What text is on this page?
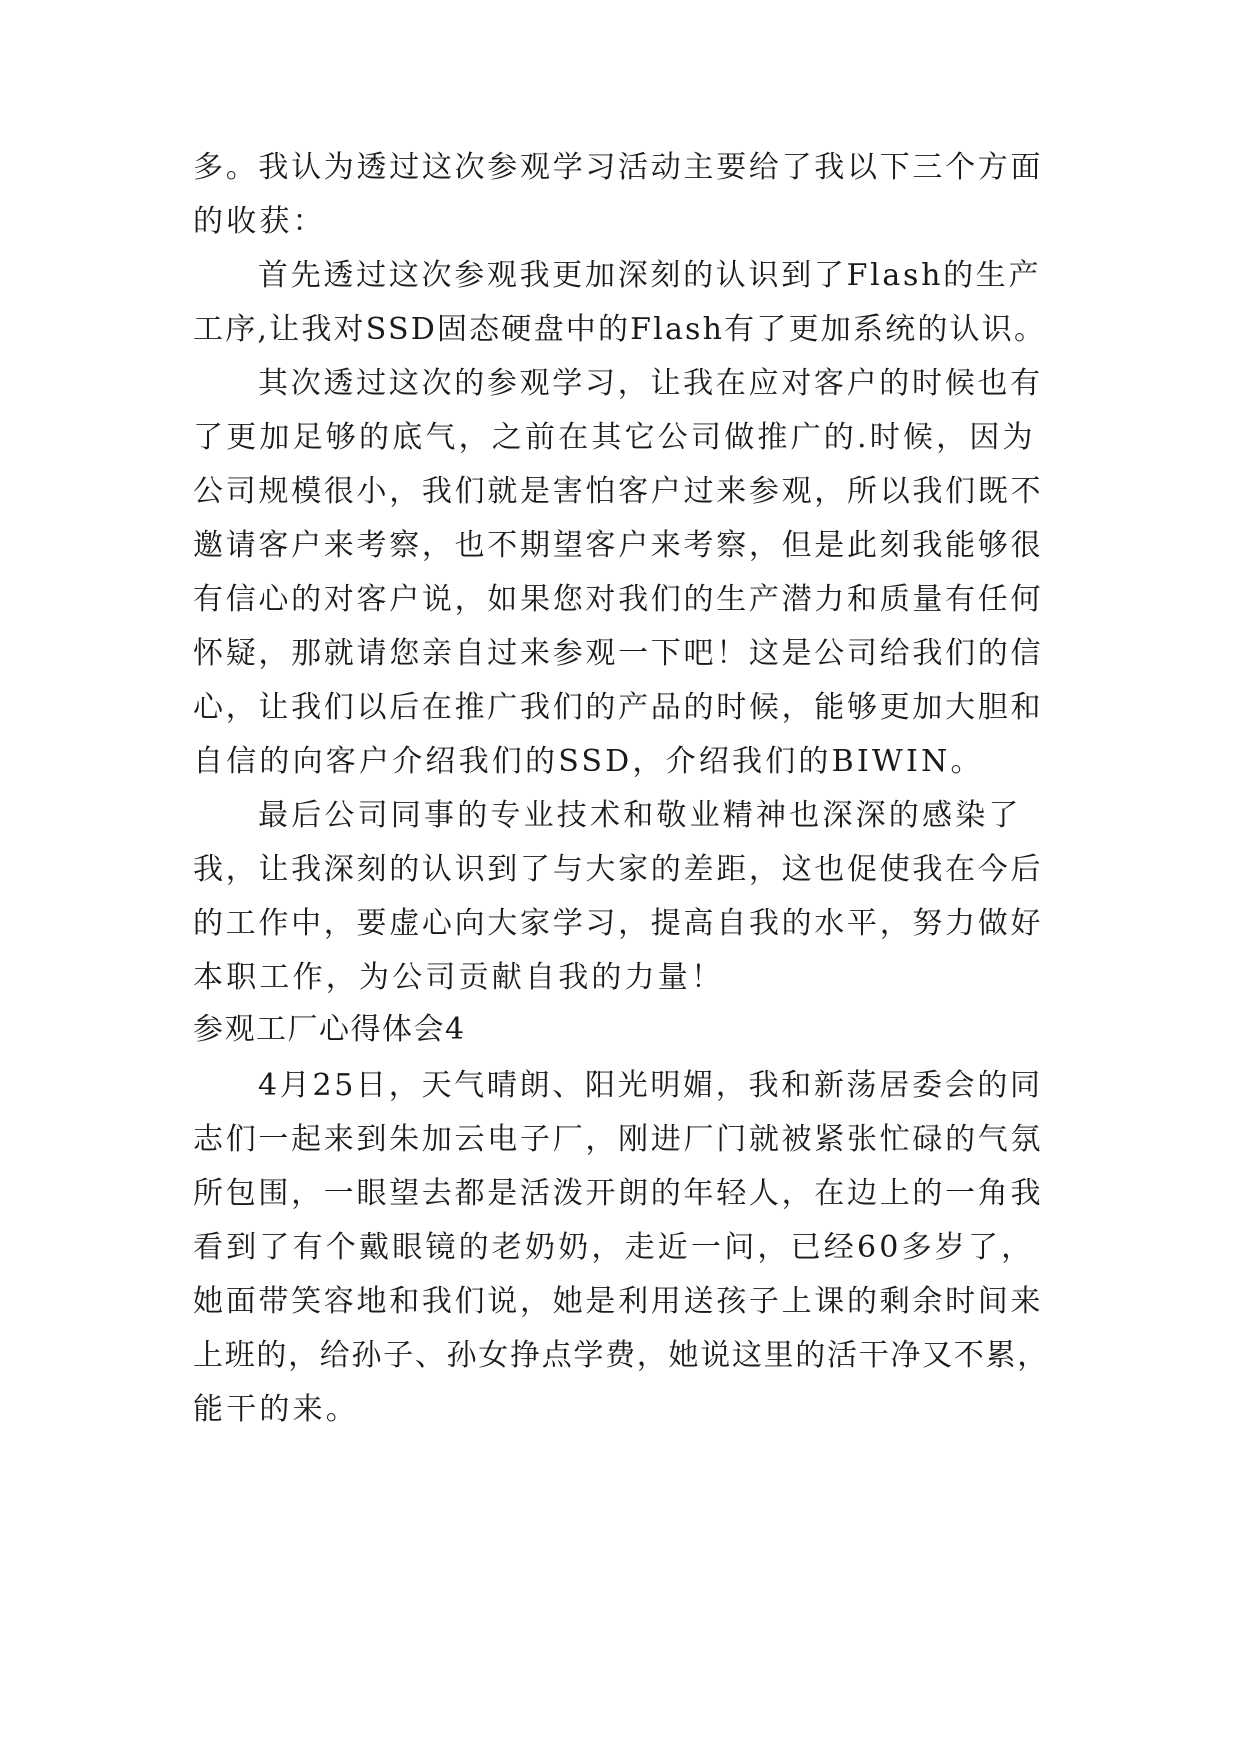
多。我认为透过这次参观学习活动主要给了我以下三个方面
的收获：
首先透过这次参观我更加深刻的认识到了Flash的生产
工序,让我对SSD固态硬盘中的Flash有了更加系统的认识。
其次透过这次的参观学习，让我在应对客户的时候也有
了更加足够的底气，之前在其它公司做推广的.时候，因为
公司规模很小，我们就是害怕客户过来参观，所以我们既不
邀请客户来考察，也不期望客户来考察，但是此刻我能够很
有信心的对客户说，如果您对我们的生产潜力和质量有任何
怀疑，那就请您亲自过来参观一下吧！这是公司给我们的信
心，让我们以后在推广我们的产品的时候，能够更加大胆和
自信的向客户介绍我们的SSD，介绍我们的BIWIN。
最后公司同事的专业技术和敬业精神也深深的感染了
我，让我深刻的认识到了与大家的差距，这也促使我在今后
的工作中，要虚心向大家学习，提高自我的水平，努力做好
本职工作，为公司贡献自我的力量！
参观工厂心得体会4
4月25日，天气晴朗、阳光明媚，我和新荡居委会的同
志们一起来到朱加云电子厂，刚进厂门就被紧张忙碌的气氛
所包围，一眼望去都是活泼开朗的年轻人，在边上的一角我
看到了有个戴眼镜的老奶奶，走近一问，已经60多岁了，
她面带笑容地和我们说，她是利用送孩子上课的剩余时间来
上班的，给孙子、孙女挣点学费，她说这里的活干净又不累，
能干的来。
